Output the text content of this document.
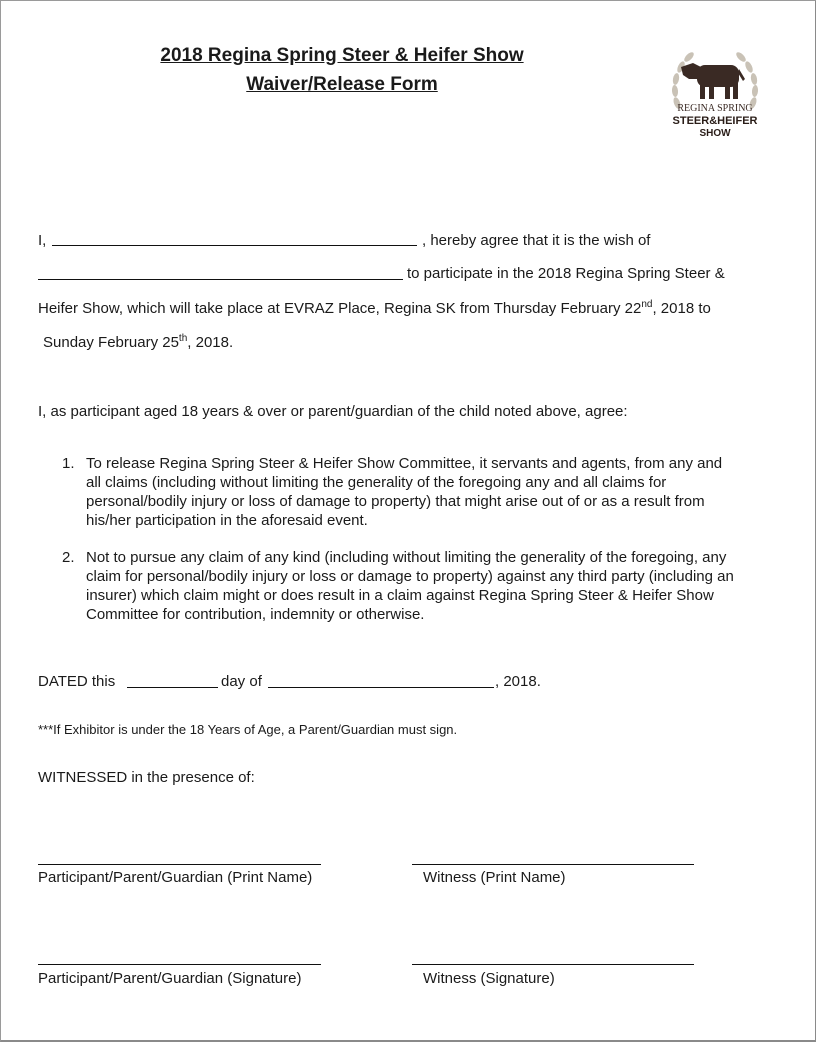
2018 Regina Spring Steer & Heifer Show
Waiver/Release Form
REGINA SPRING
STEER&HEIFER
SHOW

I,	, hereby agree that it is the wish of

to participate in the 2018 Regina Spring Steer &

Heifer Show, which will take place at EVRAZ Place, Regina SK from Thursday February 22nd, 2018 to

Sunday February 25th, 2018.

I, as participant aged 18 years & over or parent/guardian of the child noted above, agree:

1. To release Regina Spring Steer & Heifer Show Committee, it servants and agents, from any and
all claims (including without limiting the generality of the foregoing any and all claims for
personal/bodily injury or loss of damage to property) that might arise out of or as a result from
his/her participation in the aforesaid event.
2. Not to pursue any claim of any kind (including without limiting the generality of the foregoing, any
claim for personal/bodily injury or loss or damage to property) against any third party (including an
insurer) which claim might or does result in a claim against Regina Spring Steer & Heifer Show
Committee for contribution, indemnity or otherwise.

DATED this	day of	, 2018.

***If Exhibitor is under the 18 Years of Age, a Parent/Guardian must sign.

WITNESSED in the presence of:

Participant/Parent/Guardian (Print Name)	Witness (Print Name)

Participant/Parent/Guardian (Signature)	Witness (Signature)
